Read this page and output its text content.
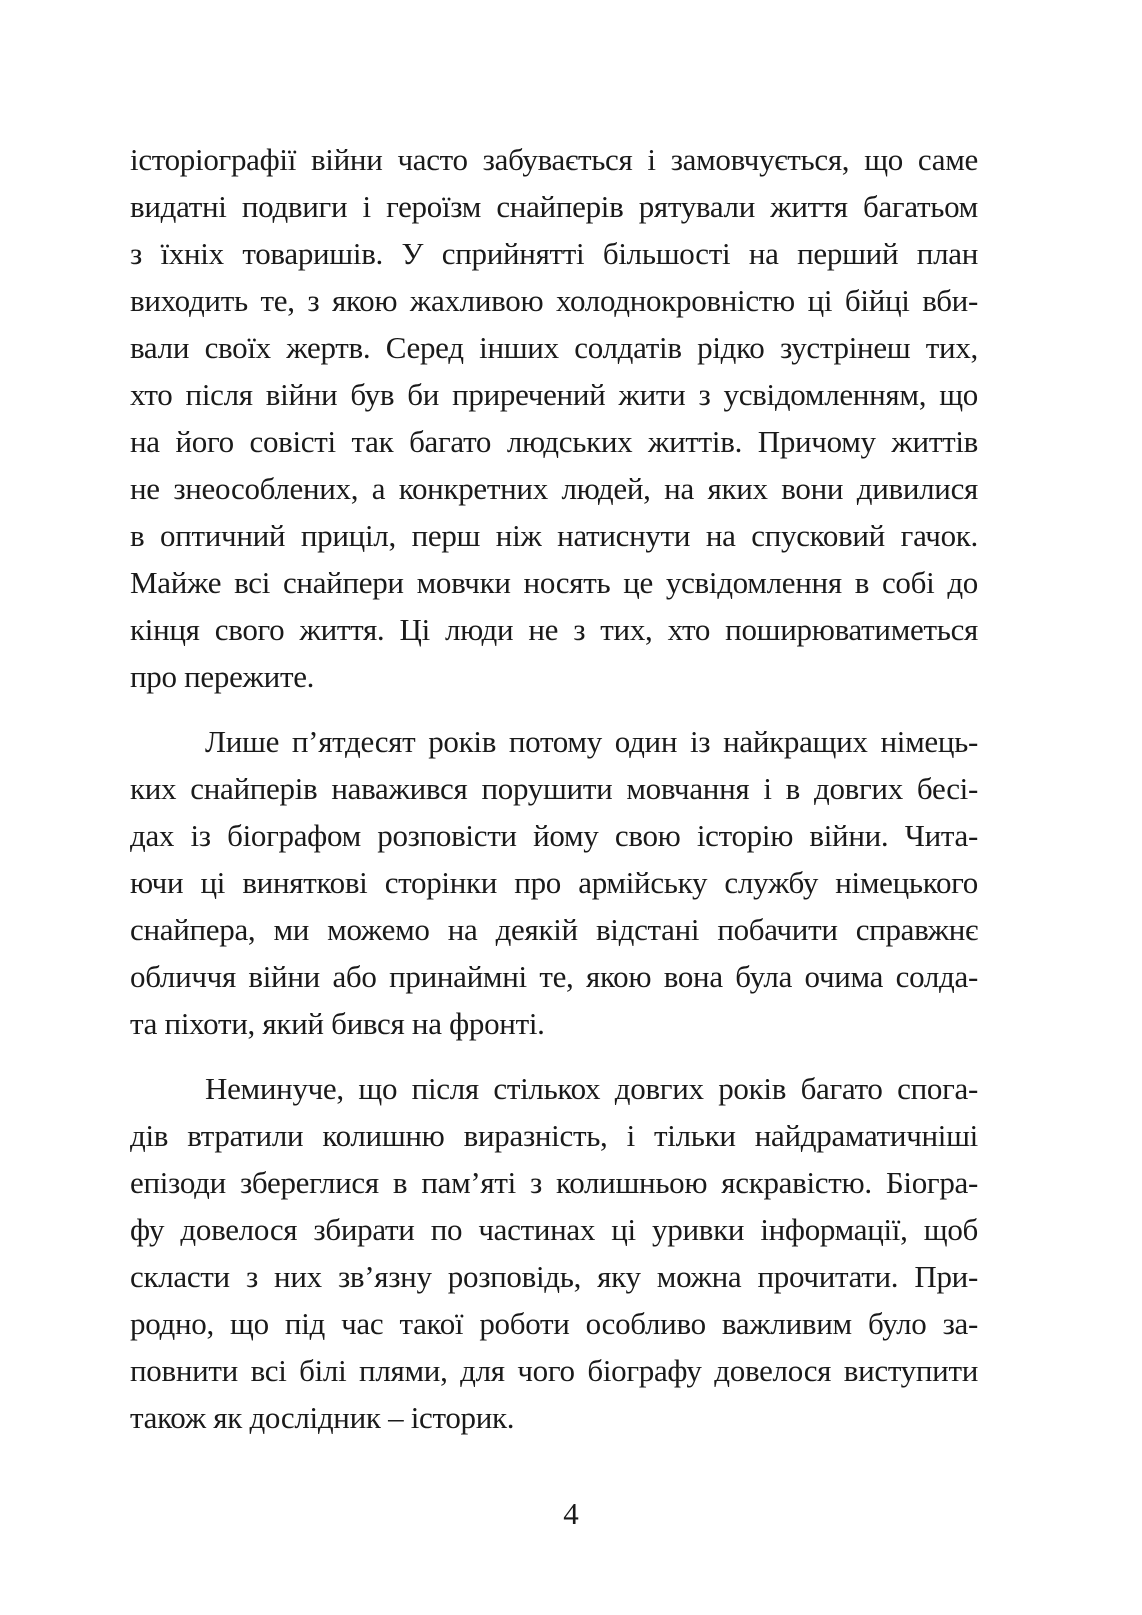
історіографії війни часто забувається і замовчується, що саме
видатні подвиги і героїзм снайперів рятували життя багатьом
з їхніх товаришів. У сприйнятті більшості на перший план
виходить те, з якою жахливою холоднокровністю ці бійці вби-
вали своїх жертв. Серед інших солдатів рідко зустрінеш тих,
хто після війни був би приречений жити з усвідомленням, що
на його совісті так багато людських життів. Причому життів
не знеособлених, а конкретних людей, на яких вони дивилися
в оптичний приціл, перш ніж натиснути на спусковий гачок.
Майже всі снайпери мовчки носять це усвідомлення в собі до
кінця свого життя. Ці люди не з тих, хто поширюватиметься
про пережите.
Лише п’ятдесят років потому один із найкращих німець-
ких снайперів наважився порушити мовчання і в довгих бесі-
дах із біографом розповісти йому свою історію війни. Чита-
ючи ці виняткові сторінки про армійську службу німецького
снайпера, ми можемо на деякій відстані побачити справжнє
обличчя війни або принаймні те, якою вона була очима солда-
та піхоти, який бився на фронті.
Неминуче, що після стількох довгих років багато спога-
дів втратили колишню виразність, і тільки найдраматичніші
епізоди збереглися в пам’яті з колишньою яскравістю. Біогра-
фу довелося збирати по частинах ці уривки інформації, щоб
скласти з них зв’язну розповідь, яку можна прочитати. При-
родно, що під час такої роботи особливо важливим було за-
повнити всі білі плями, для чого біографу довелося виступити
також як дослідник – історик.
4
